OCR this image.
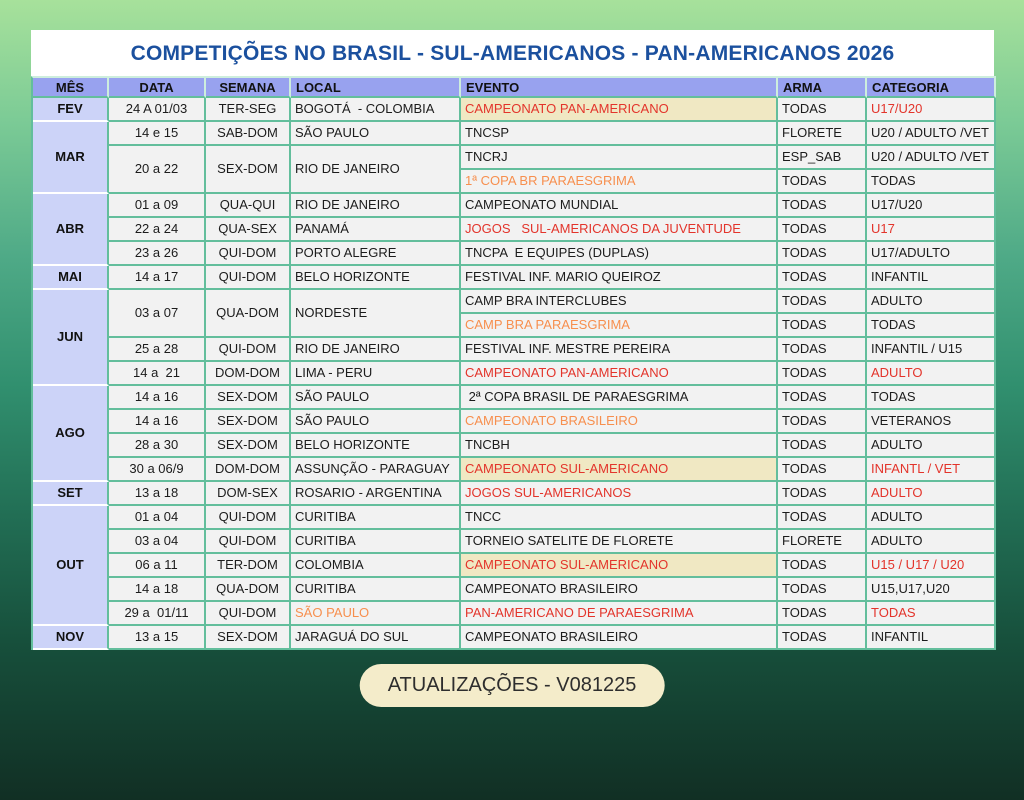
COMPETIÇÕES NO BRASIL - SUL-AMERICANOS - PAN-AMERICANOS 2026
MÊS	DATA	SEMANA	LOCAL	EVENTO	ARMA	CATEGORIA
FEV	24 A 01/03	TER-SEG	BOGOTÁ  - COLOMBIA	CAMPEONATO PAN-AMERICANO	TODAS	U17/U20
MAR	14 e 15	SAB-DOM	SÃO PAULO	TNCSP	FLORETE	U20 / ADULTO /VET
	20 a 22	SEX-DOM	RIO DE JANEIRO	TNCRJ	ESP_SAB	U20 / ADULTO /VET
				1ª COPA BR PARAESGRIMA	TODAS	TODAS
ABR	01 a 09	QUA-QUI	RIO DE JANEIRO	CAMPEONATO MUNDIAL	TODAS	U17/U20
	22 a 24	QUA-SEX	PANAMÁ	JOGOS   SUL-AMERICANOS DA JUVENTUDE	TODAS	U17
	23 a 26	QUI-DOM	PORTO ALEGRE	TNCPA  E EQUIPES (DUPLAS)	TODAS	U17/ADULTO
MAI	14 a 17	QUI-DOM	BELO HORIZONTE	FESTIVAL INF. MARIO QUEIROZ	TODAS	INFANTIL
JUN	03 a 07	QUA-DOM	NORDESTE	CAMP BRA INTERCLUBES	TODAS	ADULTO
				CAMP BRA PARAESGRIMA	TODAS	TODAS
	25 a 28	QUI-DOM	RIO DE JANEIRO	FESTIVAL INF. MESTRE PEREIRA	TODAS	INFANTIL / U15
	14 a  21	DOM-DOM	LIMA - PERU	CAMPEONATO PAN-AMERICANO	TODAS	ADULTO
AGO	14 a 16	SEX-DOM	SÃO PAULO	2ª COPA BRASIL DE PARAESGRIMA	TODAS	TODAS
	14 a 16	SEX-DOM	SÃO PAULO	CAMPEONATO BRASILEIRO	TODAS	VETERANOS
	28 a 30	SEX-DOM	BELO HORIZONTE	TNCBH	TODAS	ADULTO
	30 a 06/9	DOM-DOM	ASSUNÇÃO - PARAGUAY	CAMPEONATO SUL-AMERICANO	TODAS	INFANTL / VET
SET	13 a 18	DOM-SEX	ROSARIO - ARGENTINA	JOGOS SUL-AMERICANOS	TODAS	ADULTO
OUT	01 a 04	QUI-DOM	CURITIBA	TNCC	TODAS	ADULTO
	03 a 04	QUI-DOM	CURITIBA	TORNEIO SATELITE DE FLORETE	FLORETE	ADULTO
	06 a 11	TER-DOM	COLOMBIA	CAMPEONATO SUL-AMERICANO	TODAS	U15 / U17 / U20
	14 a 18	QUA-DOM	CURITIBA	CAMPEONATO BRASILEIRO	TODAS	U15,U17,U20
	29 a  01/11	QUI-DOM	SÃO PAULO	PAN-AMERICANO DE PARAESGRIMA	TODAS	TODAS
NOV	13 a 15	SEX-DOM	JARAGUÁ DO SUL	CAMPEONATO BRASILEIRO	TODAS	INFANTIL
ATUALIZAÇÕES - V081225
